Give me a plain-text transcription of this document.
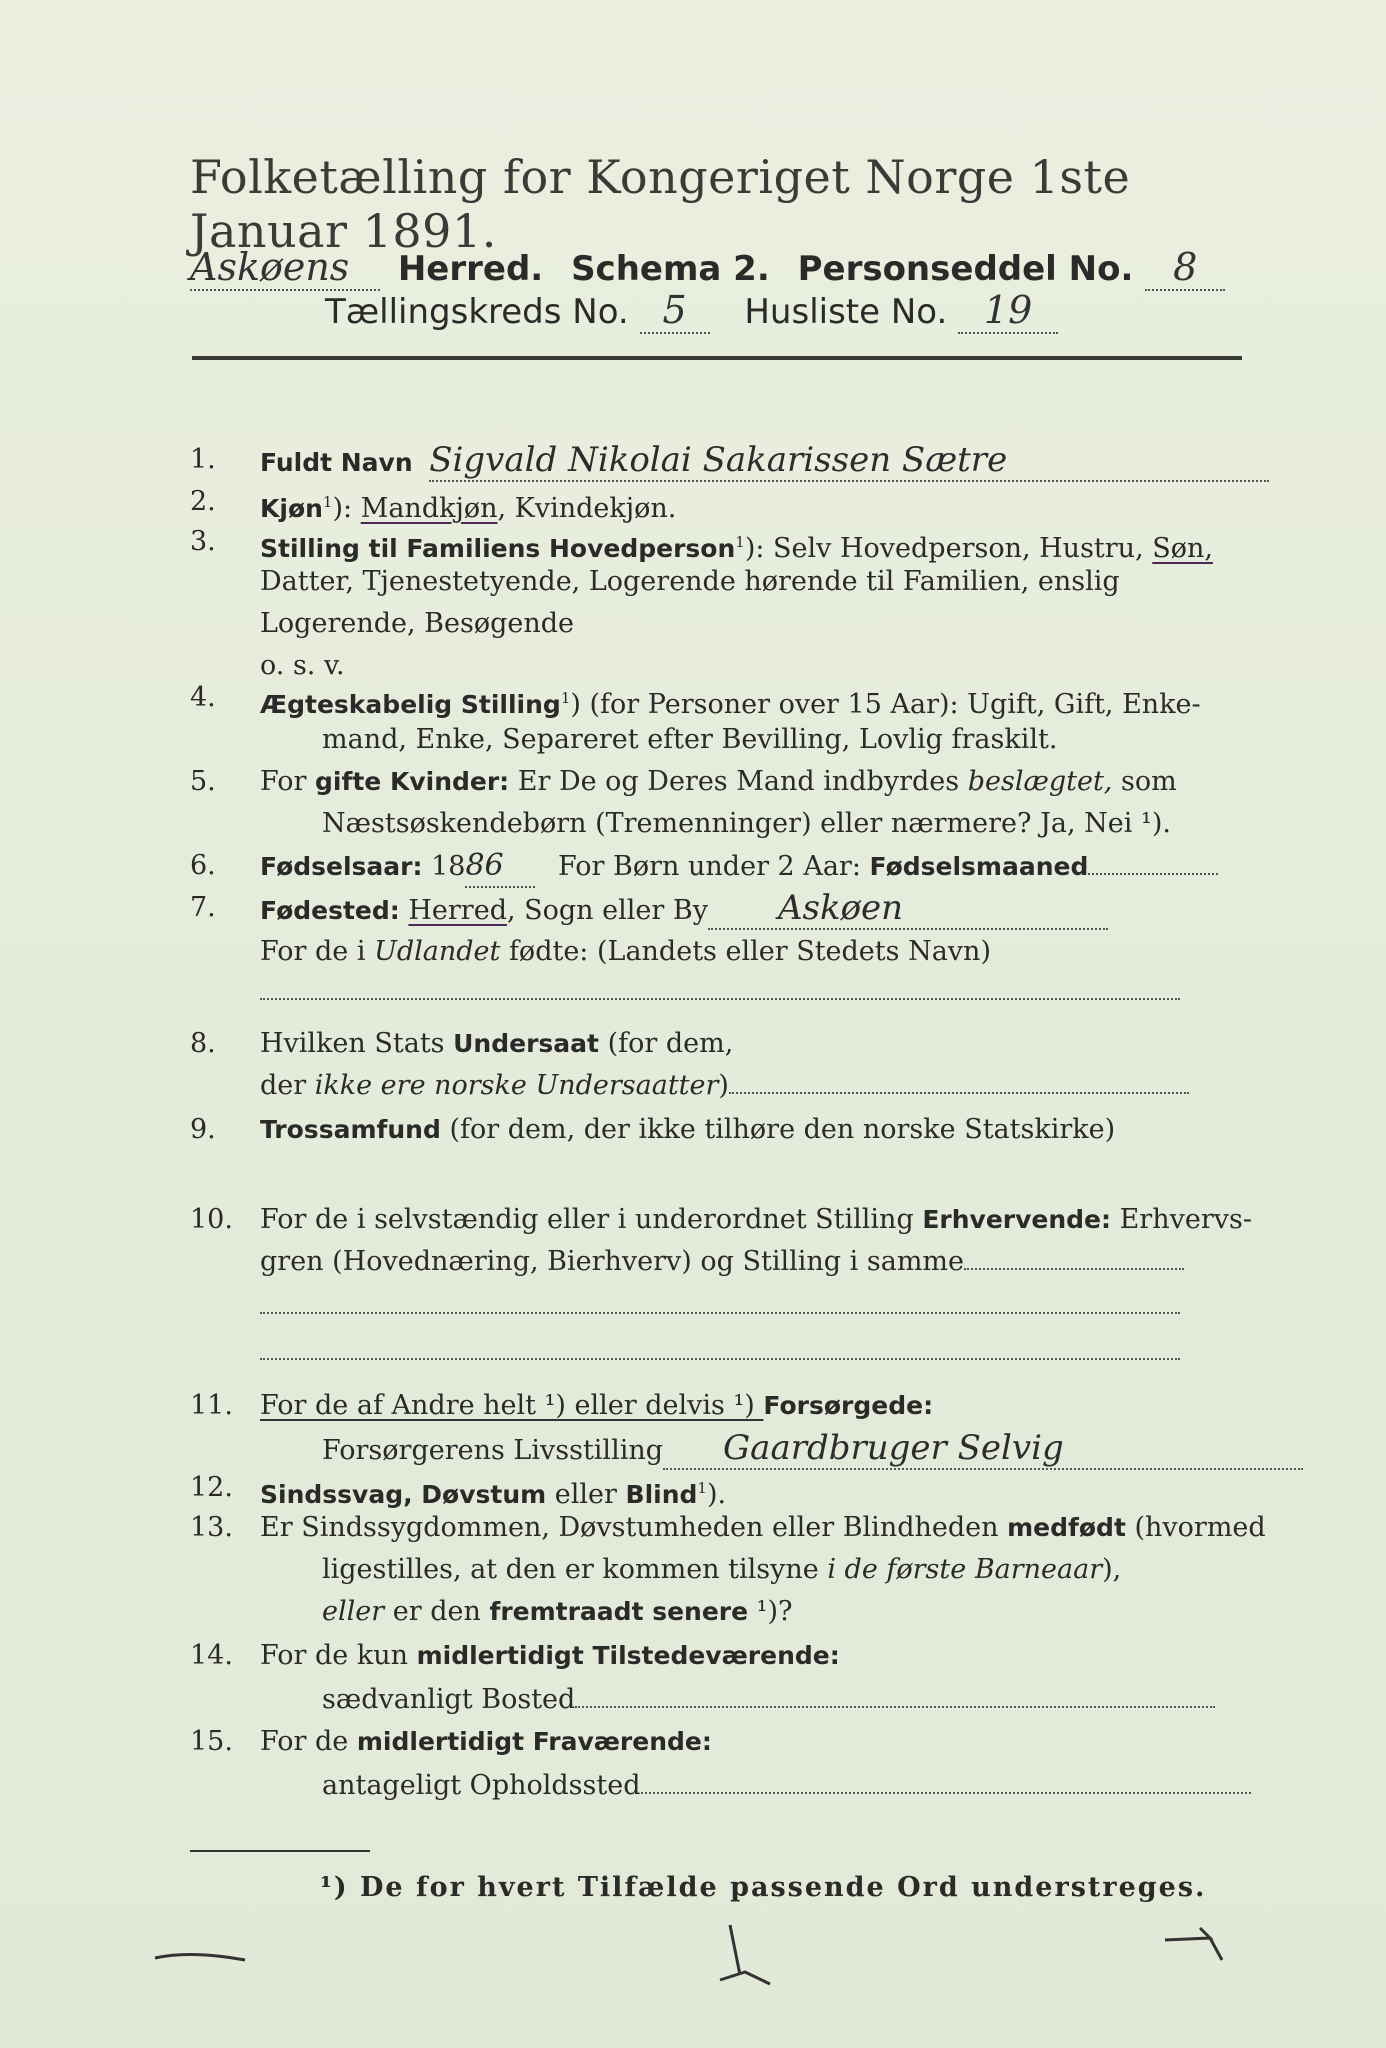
Folketælling for Kongeriget Norge 1ste Januar 1891.
Askøens Herred. Schema 2. Personseddel No. 8
Tællingskreds No. 5 Husliste No. 19
1.	Fuldt Navn Sigvald Nikolai Sakarissen Sætre
2.	Kjøn$^1$): Mandkjøn, Kvindekjøn.
3.	Stilling til Familiens Hovedperson$^1$): Selv Hovedperson, Hustru, Søn,
Datter, Tjenestetyende, Logerende hørende til Familien, enslig
Logerende, Besøgende
o. s. v.
4.	Ægteskabelig Stilling$^1$) (for Personer over 15 Aar): Ugift, Gift, Enke-
mand, Enke, Separeret efter Bevilling, Lovlig fraskilt.
5.	For gifte Kvinder: Er De og Deres Mand indbyrdes beslægtet, som
Næstsøskendebørn (Tremenninger) eller nærmere? Ja, Nei ¹).
6.	Fødselsaar: 1886 For Børn under 2 Aar: Fødselsmaaned
7.	Fødested: Herred, Sogn eller By Askøen
For de i Udlandet fødte: (Landets eller Stedets Navn)
8.	Hvilken Stats Undersaat (for dem,
der ikke ere norske Undersaatter)
9.	Trossamfund (for dem, der ikke tilhøre den norske Statskirke)
10.	For de i selvstændig eller i underordnet Stilling Erhvervende: Erhvervs-
gren (Hovednæring, Bierhverv) og Stilling i samme
11.	For de af Andre helt ¹) eller delvis ¹) Forsørgede:
Forsørgerens Livsstilling Gaardbruger Selvig
12.	Sindssvag, Døvstum eller Blind$^1$).
13.	Er Sindssygdommen, Døvstumheden eller Blindheden medfødt (hvormed
ligestilles, at den er kommen tilsyne i de første Barneaar),
eller er den fremtraadt senere ¹)?
14.	For de kun midlertidigt Tilstedeværende:
sædvanligt Bosted
15.	For de midlertidigt Fraværende:
antageligt Opholdssted
¹) De for hvert Tilfælde passende Ord understreges.
